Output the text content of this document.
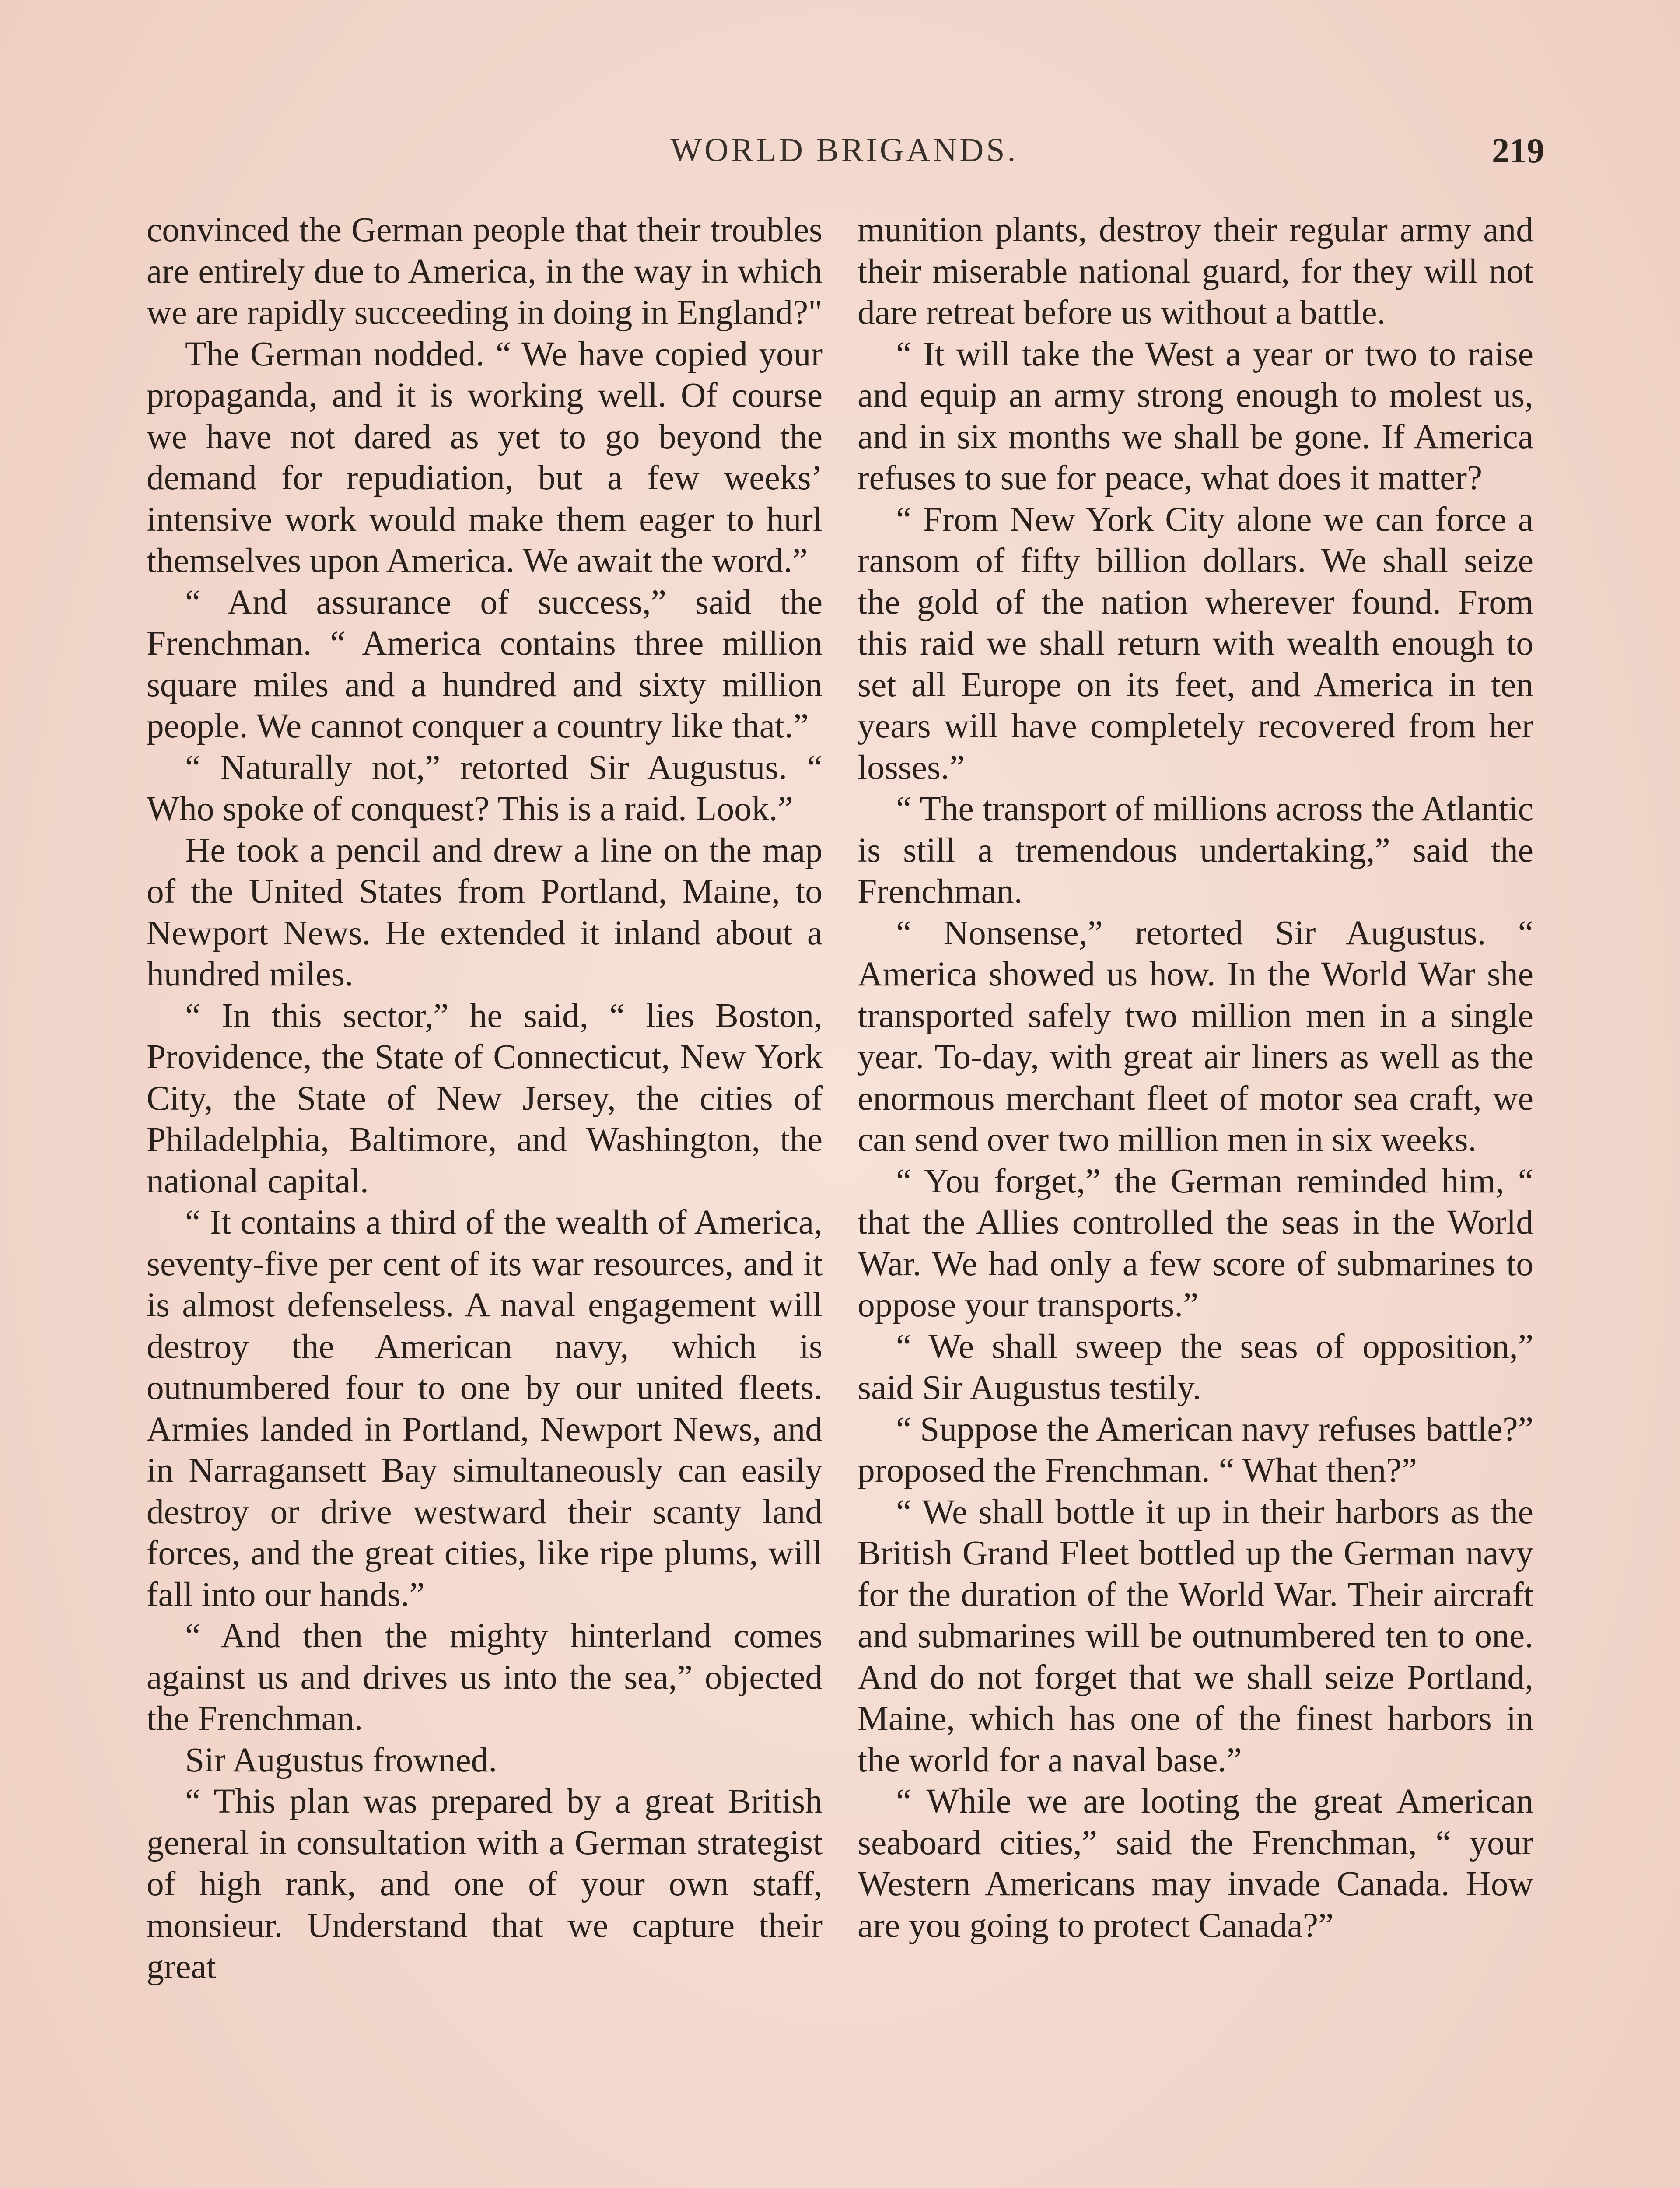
WORLD BRIGANDS.	219

convinced the German people that their troubles are entirely due to America, in the way in which we are rapidly succeeding in doing in England?"

The German nodded. “ We have copied your propaganda, and it is working well. Of course we have not dared as yet to go beyond the demand for repudiation, but a few weeks’ intensive work would make them eager to hurl themselves upon America. We await the word.”

“ And assurance of success,” said the Frenchman. “ America contains three million square miles and a hundred and sixty million people. We cannot conquer a country like that.”

“ Naturally not,” retorted Sir Augustus. “ Who spoke of conquest? This is a raid. Look.”

He took a pencil and drew a line on the map of the United States from Portland, Maine, to Newport News. He extended it inland about a hundred miles.

“ In this sector,” he said, “ lies Boston, Providence, the State of Connecticut, New York City, the State of New Jersey, the cities of Philadelphia, Baltimore, and Washington, the national capital.

“ It contains a third of the wealth of America, seventy-five per cent of its war resources, and it is almost defenseless. A naval engagement will destroy the American navy, which is outnumbered four to one by our united fleets. Armies landed in Portland, Newport News, and in Narragansett Bay simultaneously can easily destroy or drive westward their scanty land forces, and the great cities, like ripe plums, will fall into our hands.”

“ And then the mighty hinterland comes against us and drives us into the sea,” objected the Frenchman.

Sir Augustus frowned.

“ This plan was prepared by a great British general in consultation with a German strategist of high rank, and one of your own staff, monsieur. Understand that we capture their great

munition plants, destroy their regular army and their miserable national guard, for they will not dare retreat before us without a battle.

“ It will take the West a year or two to raise and equip an army strong enough to molest us, and in six months we shall be gone. If America refuses to sue for peace, what does it matter?

“ From New York City alone we can force a ransom of fifty billion dollars. We shall seize the gold of the nation wherever found. From this raid we shall return with wealth enough to set all Europe on its feet, and America in ten years will have completely recovered from her losses.”

“ The transport of millions across the Atlantic is still a tremendous undertaking,” said the Frenchman.

“ Nonsense,” retorted Sir Augustus. “ America showed us how. In the World War she transported safely two million men in a single year. To-day, with great air liners as well as the enormous merchant fleet of motor sea craft, we can send over two million men in six weeks.

“ You forget,” the German reminded him, “ that the Allies controlled the seas in the World War. We had only a few score of submarines to oppose your transports.”

“ We shall sweep the seas of opposition,” said Sir Augustus testily.

“ Suppose the American navy refuses battle?” proposed the Frenchman. “ What then?”

“ We shall bottle it up in their harbors as the British Grand Fleet bottled up the German navy for the duration of the World War. Their aircraft and submarines will be outnumbered ten to one. And do not forget that we shall seize Portland, Maine, which has one of the finest harbors in the world for a naval base.”

“ While we are looting the great American seaboard cities,” said the Frenchman, “ your Western Americans may invade Canada. How are you going to protect Canada?”
